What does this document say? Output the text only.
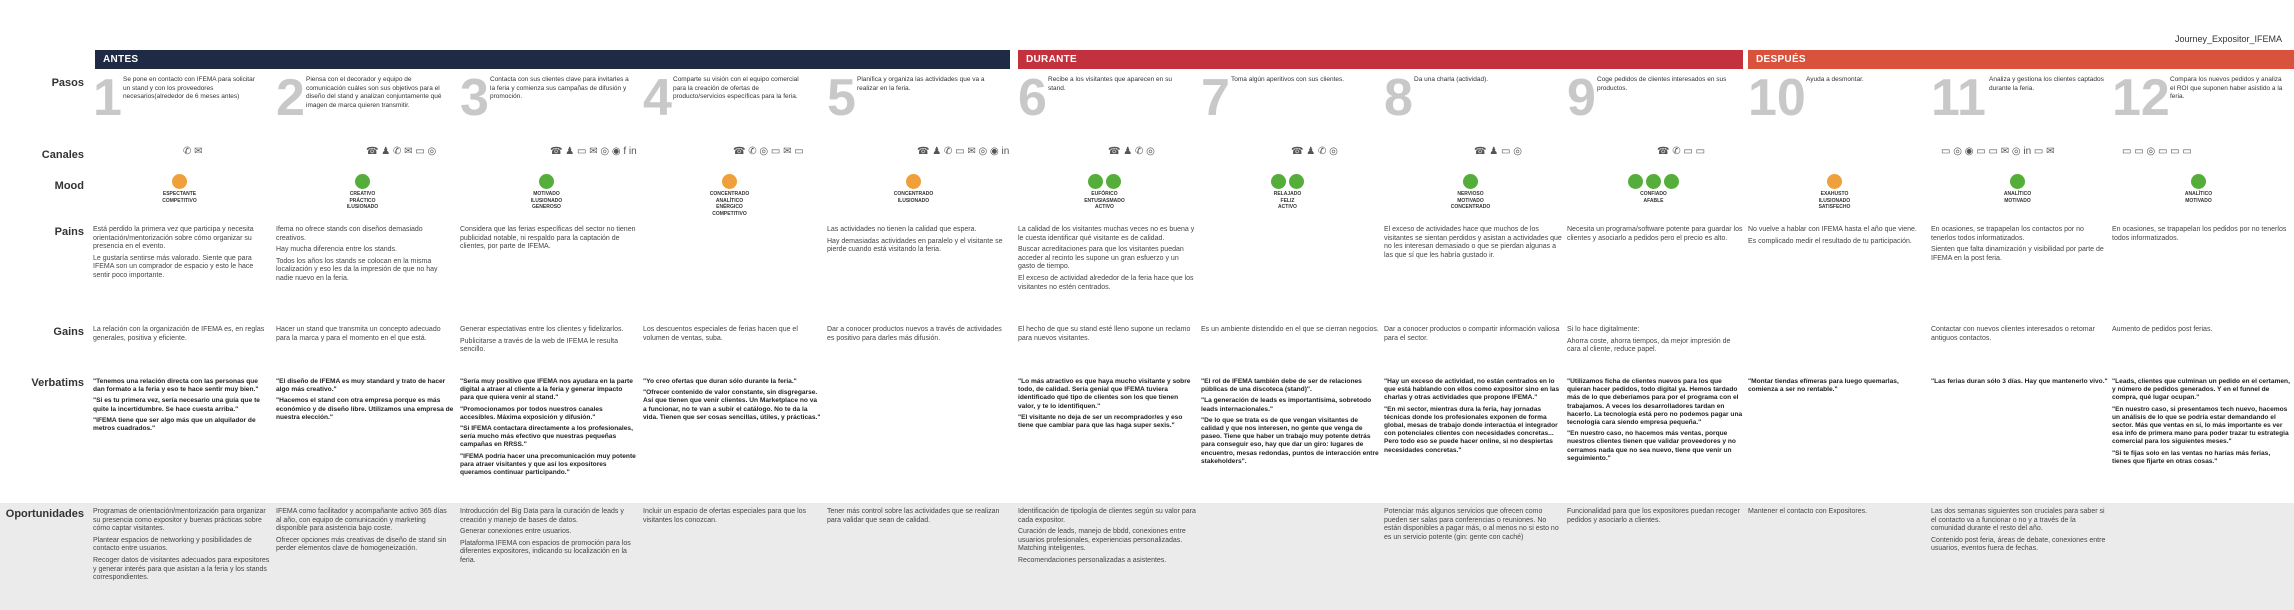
Journey_Expositor_IFEMA
ANTES	DURANTE	DESPUÉS
Pasos
Canales
Mood
Pains
Gains
Verbatims
Oportunidades
1 Se pone en contacto con IFEMA para solicitar un stand y con los proveedores necesarios(alrededor de 6 meses antes)
✆ ✉
ESPECTANTE
COMPETITIVO

Está perdido la primera vez que participa y necesita orientación/mentorización sobre cómo organizar su presencia en el evento.

Le gustaría sentirse más valorado. Siente que para IFEMA son un comprador de espacio y esto le hace sentir poco importante.

La relación con la organización de IFEMA es, en reglas generales, positiva y eficiente.

"Tenemos una relación directa con las personas que dan formato a la feria y eso te hace sentir muy bien."

"Si es tu primera vez, sería necesario una guía que te quite la incertidumbre. Se hace cuesta arriba."

"IFEMA tiene que ser algo más que un alquilador de metros cuadrados."

Programas de orientación/mentorización para organizar su presencia como expositor y buenas prácticas sobre cómo captar visitantes.

Plantear espacios de networking y posibilidades de contacto entre usuarios.

Recoger datos de visitantes adecuados para expositores y generar interés para que asistan a la feria y los stands correspondientes.

2 Piensa con el decorador y equipo de comunicación cuáles son sus objetivos para el diseño del stand y analizan conjuntamente qué imagen de marca quieren transmitir.
☎ ♟ ✆ ✉ ▭ ◎
CREATIVO
PRÁCTICO
ILUSIONADO

Ifema no ofrece stands con diseños demasiado creativos.

Hay mucha diferencia entre los stands.

Todos los años los stands se colocan en la misma localización y eso les da la impresión de que no hay nadie nuevo en la feria.

Hacer un stand que transmita un concepto adecuado para la marca y para el momento en el que está.

"El diseño de IFEMA es muy standard y trato de hacer algo más creativo."

"Hacemos el stand con otra empresa porque es más económico y de diseño libre. Utilizamos una empresa de nuestra elección."

IFEMA como facilitador y acompañante activo 365 días al año, con equipo de comunicación y marketing disponible para asistencia bajo coste.

Ofrecer opciones más creativas de diseño de stand sin perder elementos clave de homogeneización.

3 Contacta con sus clientes clave para invitarles a la feria y comienza sus campañas de difusión y promoción.
☎ ♟ ▭ ✉ ◎ ◉ f in
MOTIVADO
ILUSIONADO
GENEROSO

Considera que las ferias específicas del sector no tienen publicidad notable, ni respaldo para la captación de clientes, por parte de IFEMA.

Generar espectativas entre los clientes y fidelizarlos.

Publicitarse a través de la web de IFEMA le resulta sencillo.

"Sería muy positivo que IFEMA nos ayudara en la parte digital a atraer al cliente a la feria y generar impacto para que quiera venir al stand."

"Promocionamos por todos nuestros canales accesibles. Máxima exposición y difusión."

"Si IFEMA contactara directamente a los profesionales, sería mucho más efectivo que nuestras pequeñas campañas en RRSS."

"IFEMA podría hacer una precomunicación muy potente para atraer visitantes y que así los expositores queramos continuar participando."

Introducción del Big Data para la curación de leads y creación y manejo de bases de datos.

Generar conexiones entre usuarios.

Plataforma IFEMA con espacios de promoción para los diferentes expositores, indicando su localización en la feria.

4 Comparte su visión con el equipo comercial para la creación de ofertas de producto/servicios específicas para la feria.
☎ ✆ ◎ ▭ ✉ ▭
CONCENTRADO
ANALÍTICO
ENÉRGICO
COMPETITIVO

Los descuentos especiales de ferias hacen que el volumen de ventas, suba.

"Yo creo ofertas que duran sólo durante la feria."

"Ofrecer contenido de valor constante, sin disgregarse. Así que tienen que venir clientes. Un Marketplace no va a funcionar, no te van a subir el catálogo. No te da la vida. Tienen que ser cosas sencillas, útiles, y prácticas."

Incluir un espacio de ofertas especiales para que los visitantes los conozcan.

5 Planifica y organiza las actividades que va a realizar en la feria.
☎ ♟ ✆ ▭ ✉ ◎ ◉ in
CONCENTRADO
ILUSIONADO

Las actividades no tienen la calidad que espera.

Hay demasiadas actividades en paralelo y el visitante se pierde cuando está visitando la feria.

Dar a conocer productos nuevos a través de actividades es positivo para darles más difusión.

Tener más control sobre las actividades que se realizan para validar que sean de calidad.

6 Recibe a los visitantes que aparecen en su stand.
☎ ♟ ✆ ◎
EUFÓRICO
ENTUSIASMADO
ACTIVO

La calidad de los visitantes muchas veces no es buena y le cuesta identificar qué visitante es de calidad.

Buscar acreditaciones para que los visitantes puedan acceder al recinto les supone un gran esfuerzo y un gasto de tiempo.

El exceso de actividad alrededor de la feria hace que los visitantes no estén centrados.

El hecho de que su stand esté lleno supone un reclamo para nuevos visitantes.

"Lo más atractivo es que haya mucho visitante y sobre todo, de calidad. Sería genial que IFEMA tuviera identificado qué tipo de clientes son los que tienen valor, y te lo identifiquen."

"El visitante no deja de ser un recomprador/es y eso tiene que cambiar para que las haga super sexis."

Identificación de tipología de clientes según su valor para cada expositor.

Curación de leads, manejo de bbdd, conexiones entre usuarios profesionales, experiencias personalizadas. Matching inteligentes.

Recomendaciones personalizadas a asistentes.

7 Toma algún aperitivos con sus clientes.
☎ ♟ ✆ ◎
RELAJADO
FELIZ
ACTIVO

Es un ambiente distendido en el que se cierran negocios.

"El rol de IFEMA también debe de ser de relaciones públicas de una discoteca (stand)".

"La generación de leads es importantísima, sobretodo leads internacionales."

"De lo que se trata es de que vengan visitantes de calidad y que nos interesen, no gente que venga de paseo. Tiene que haber un trabajo muy potente detrás para conseguir eso, hay que dar un giro: lugares de encuentro, mesas redondas, puntos de interacción entre stakeholders".

8 Da una charla (actividad).
☎ ♟ ▭ ◎
NERVIOSO
MOTIVADO
CONCENTRADO

El exceso de actividades hace que muchos de los visitantes se sientan perdidos y asistan a actividades que no les interesan demasiado o que se pierdan algunas a las que sí que les habría gustado ir.

Dar a conocer productos o compartir información valiosa para el sector.

"Hay un exceso de actividad, no están centrados en lo que está hablando con ellos como expositor sino en las charlas y otras actividades que propone IFEMA."

"En mi sector, mientras dura la feria, hay jornadas técnicas donde los profesionales exponen de forma global, mesas de trabajo donde interactúa el integrador con potenciales clientes con necesidades concretas... Pero todo eso se puede hacer online, si no despiertas necesidades concretas."

Potenciar más algunos servicios que ofrecen como pueden ser salas para conferencias o reuniones. No están disponibles a pagar más, o al menos no si esto no es un servicio potente (gin: gente con caché)

9 Coge pedidos de clientes interesados en sus productos.
☎ ✆ ▭ ▭
CONFIADO
AFABLE

Necesita un programa/software potente para guardar los clientes y asociarlo a pedidos pero el precio es alto.

Si lo hace digitalmente:

Ahorra coste, ahorra tiempos, da mejor impresión de cara al cliente, reduce papel.

"Utilizamos ficha de clientes nuevos para los que quieran hacer pedidos, todo digital ya. Hemos tardado más de lo que deberíamos para por el programa con el trabajamos. A veces los desarrolladores tardan en hacerlo. La tecnología está pero no podemos pagar una tecnología cara siendo empresa pequeña."

"En nuestro caso, no hacemos más ventas, porque nuestros clientes tienen que validar proveedores y no cerramos nada que no sea nuevo, tiene que venir un seguimiento."

Funcionalidad para que los expositores puedan recoger pedidos y asociarlo a clientes.

10 Ayuda a desmontar.
EXAHUSTO
ILUSIONADO
SATISFECHO

No vuelve a hablar con IFEMA hasta el año que viene.

Es complicado medir el resultado de tu participación.

"Montar tiendas efímeras para luego quemarlas, comienza a ser no rentable."

Mantener el contacto con Expositores.

11 Analiza y gestiona los clientes captados durante la feria.
▭ ◎ ◉ ▭ ▭ ✉ ◎ in ▭ ✉
ANALÍTICO
MOTIVADO

En ocasiones, se trapapelan los contactos por no tenerlos todos informatizados.

Sienten que falta dinamización y visibilidad por parte de IFEMA en la post feria.

Contactar con nuevos clientes interesados o retomar antiguos contactos.

"Las ferias duran sólo 3 días. Hay que mantenerlo vivo."

Las dos semanas siguientes son cruciales para saber si el contacto va a funcionar o no y a través de la comunidad durante el resto del año.

Contenido post feria, áreas de debate, conexiones entre usuarios, eventos fuera de fechas.

12 Compara los nuevos pedidos y analiza el ROI que suponen haber asistido a la feria.
▭ ▭ ◎ ▭ ▭ ▭
ANALÍTICO
MOTIVADO

En ocasiones, se trapapelan los pedidos por no tenerlos todos informatizados.

Aumento de pedidos post ferias.

"Leads, clientes que culminan un pedido en el certamen, y número de pedidos generados. Y en el funnel de compra, qué lugar ocupan."

"En nuestro caso, si presentamos tech nuevo, hacemos un análisis de lo que se podría estar demandando el sector. Más que ventas en sí, lo más importante es ver esa info de primera mano para poder trazar tu estrategia comercial para los siguientes meses."

"Si te fijas solo en las ventas no harías más ferias, tienes que fijarte en otras cosas."
